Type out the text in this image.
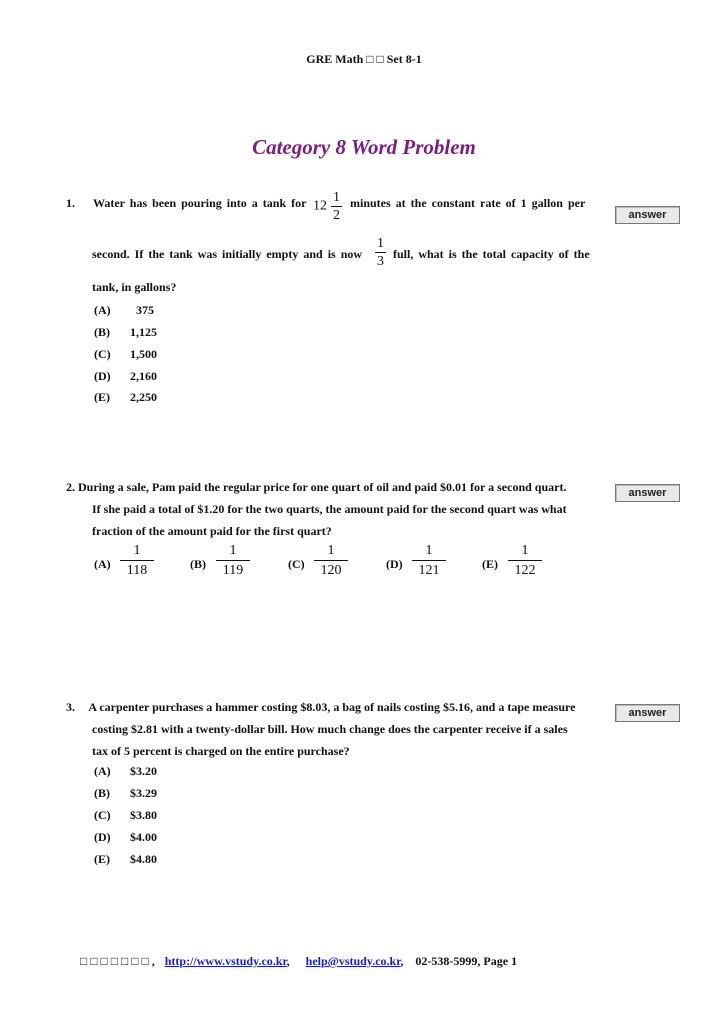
GRE Math □ □ Set 8-1
Category 8 Word Problem
1. Water has been pouring into a tank for $12 \frac{1}{2}$ minutes at the constant rate of 1 gallon per
answer
second. If the tank was initially empty and is now $\frac{1}{3}$ full, what is the total capacity of the
tank, in gallons?
(A)  375
(B) 1,125
(C) 1,500
(D) 2,160
(E) 2,250
2. During a sale, Pam paid the regular price for one quart of oil and paid $0.01 for a second quart.	answer
If she paid a total of $1.20 for the two quarts, the amount paid for the second quart was what
fraction of the amount paid for the first quart?
(A)
1
118	(B)
1
119	(C)
1
120	(D)
1
121	(E)
1
122
3. A carpenter purchases a hammer costing $8.03, a bag of nails costing $5.16, and a tape measure	answer
costing $2.81 with a twenty-dollar bill. How much change does the carpenter receive if a sales
tax of 5 percent is charged on the entire purchase?
(A) $3.20
(B) $3.29
(C) $3.80
(D) $4.00
(E) $4.80
□ □ □ □ □ □ □ , http://www.vstudy.co.kr, help@vstudy.co.kr, 02-538-5999, Page 1
